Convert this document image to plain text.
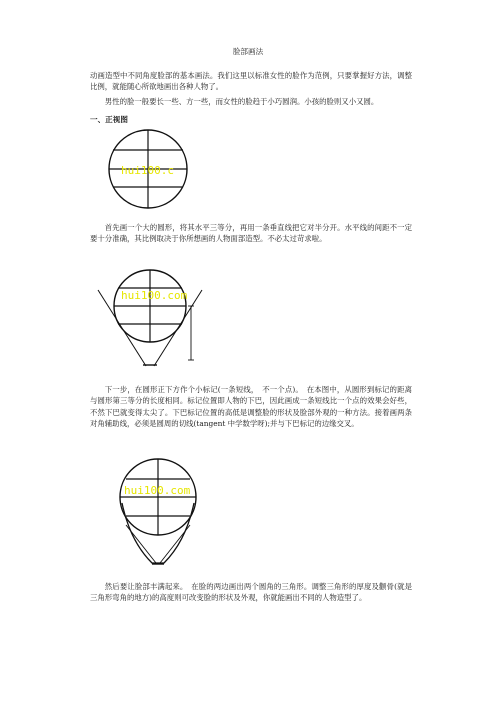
脸部画法
动画造型中不同角度脸部的基本画法。我们这里以标准女性的脸作为范例，只要掌握好方法，调整比例，就能随心所欲地画出各种人物了。
男性的脸一般要长一些、方一些，而女性的脸趋于小巧圆润。小孩的脸则又小又圆。
一、正视图
hui100.c
首先画一个大的圆形，将其水平三等分，再用一条垂直线把它对半分开。水平线的间距不一定要十分准确，其比例取决于你所想画的人物面部造型。不必太过苛求啦。
hui100.com
下一步，在圆形正下方作个小标记(一条短线，　不一个点)。　在本图中，从圆形到标记的距离与圆形第三等分的长度相同。标记位置即人物的下巴，因此画成一条短线比一个点的效果会好些，不然下巴就变得太尖了。下巴标记位置的高低是调整脸的形状及脸部外观的一种方法。接着画两条对角辅助线，必须是圆周的切线(tangent 中学数学呀);并与下巴标记的边缘交叉。
hui100.com
然后要让脸部丰满起来。　在脸的两边画出两个圆角的三角形。调整三角形的厚度及颧骨(就是三角形弯角的地方)的高度则可改变脸的形状及外观，你就能画出不同的人物造型了。
